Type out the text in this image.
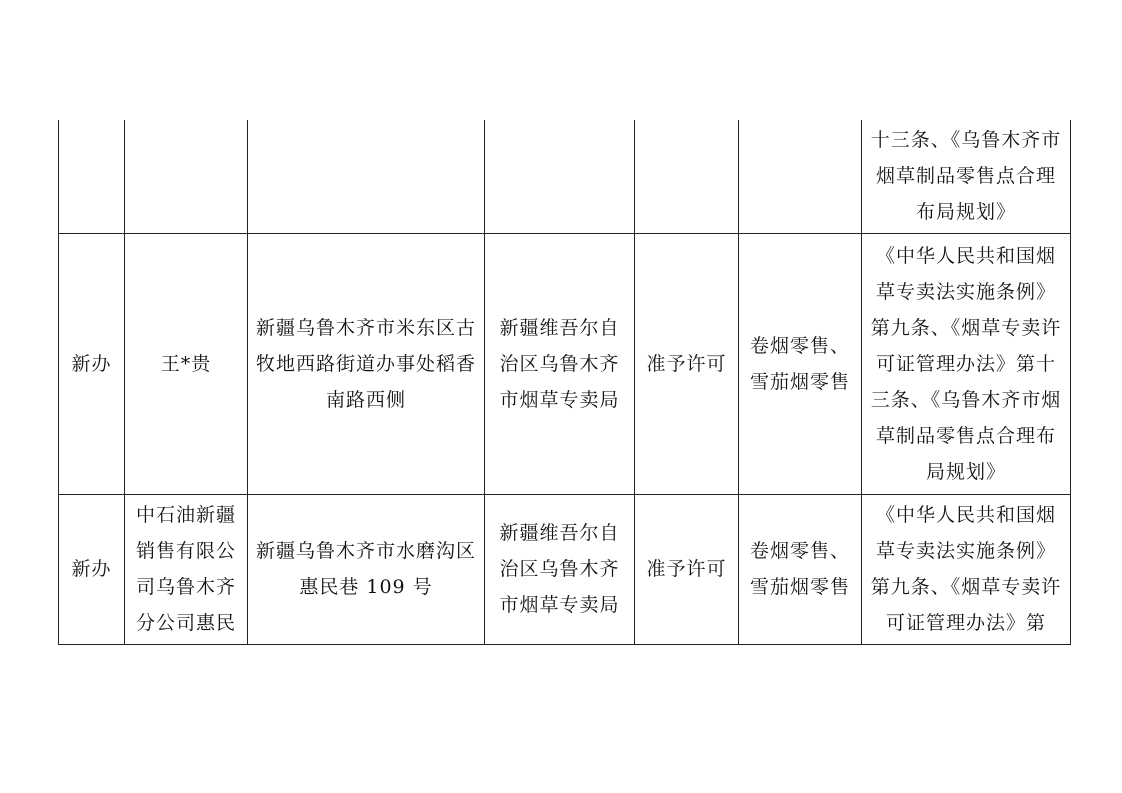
						十三条、《乌鲁木齐市烟草制品零售点合理布局规划》
新办	王*贵	新疆乌鲁木齐市米东区古牧地西路街道办事处稻香南路西侧	新疆维吾尔自治区乌鲁木齐市烟草专卖局	准予许可	卷烟零售、雪茄烟零售	《中华人民共和国烟草专卖法实施条例》第九条、《烟草专卖许可证管理办法》第十三条、《乌鲁木齐市烟草制品零售点合理布局规划》
新办	中石油新疆销售有限公司乌鲁木齐分公司惠民	新疆乌鲁木齐市水磨沟区惠民巷 109 号	新疆维吾尔自治区乌鲁木齐市烟草专卖局	准予许可	卷烟零售、雪茄烟零售	《中华人民共和国烟草专卖法实施条例》第九条、《烟草专卖许可证管理办法》第
